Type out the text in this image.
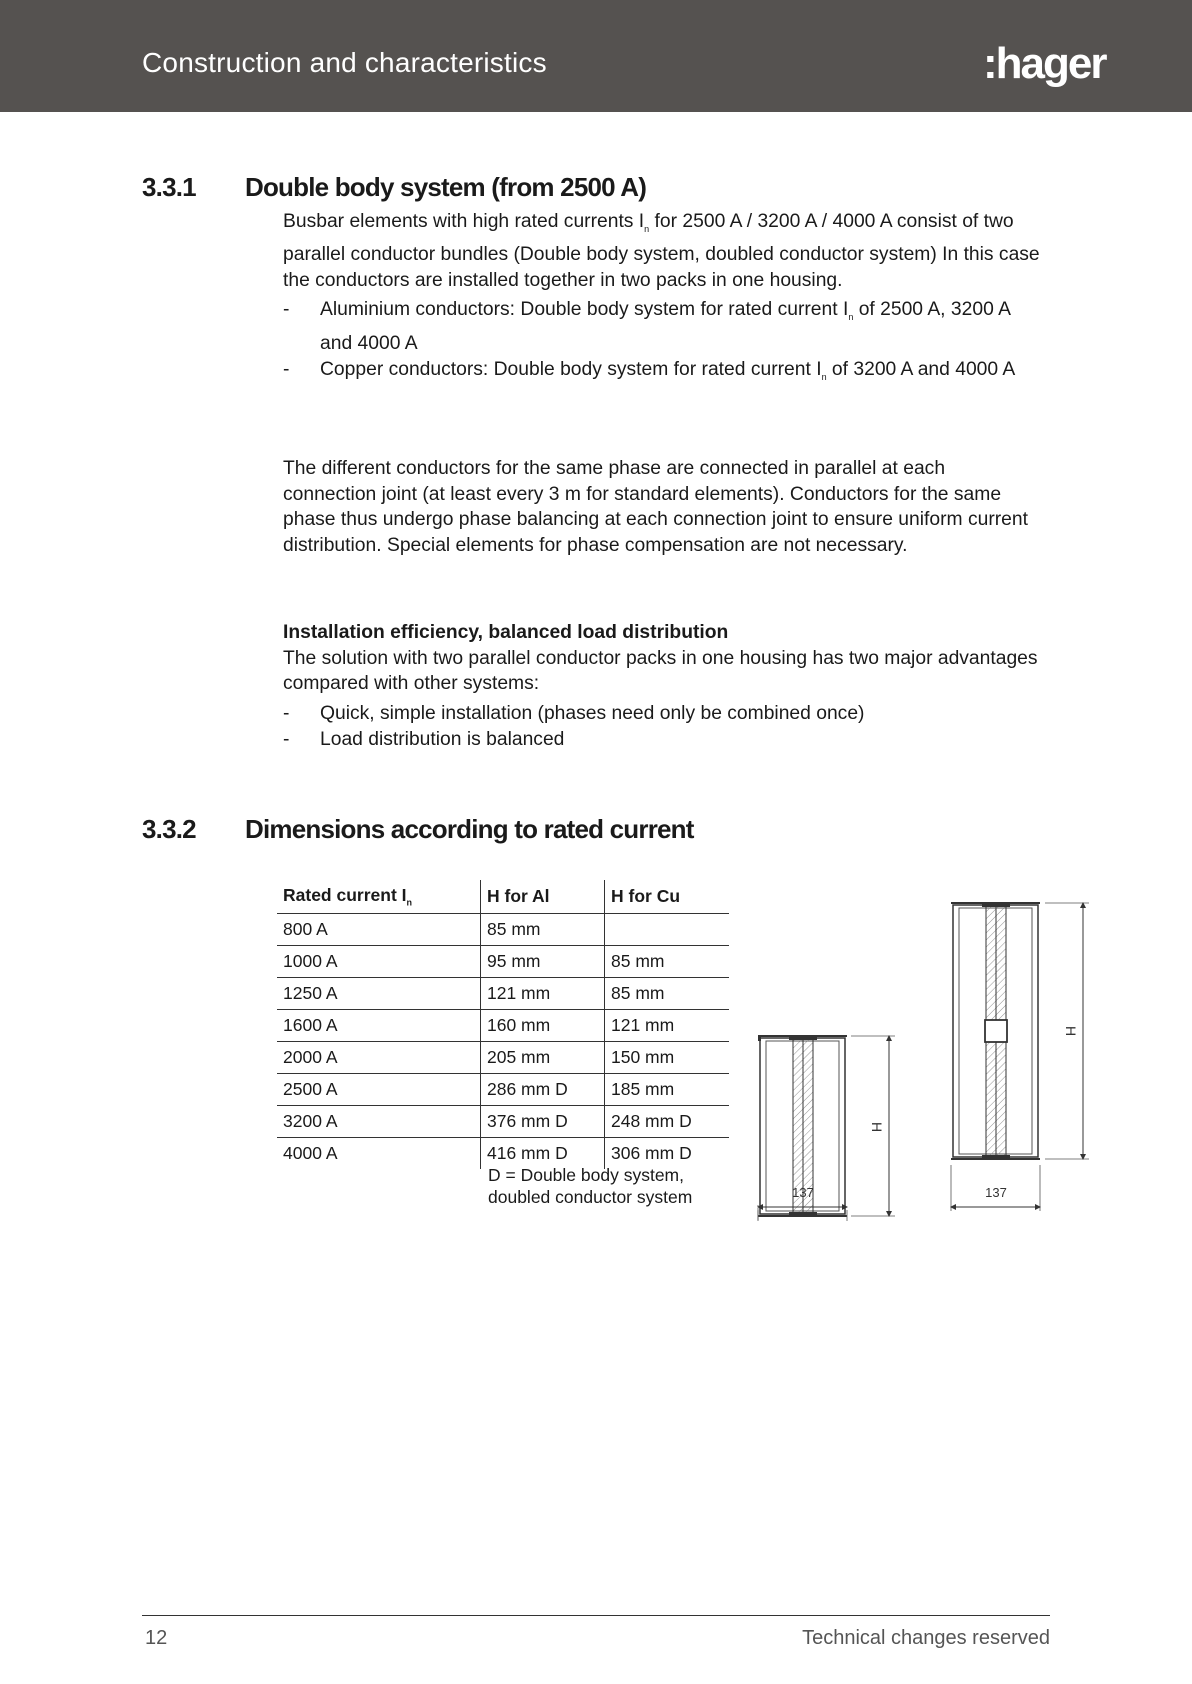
Construction and characteristics	:hager
3.3.1 Double body system (from 2500 A)

Busbar elements with high rated currents $I_n$ for 2500 A / 3200 A / 4000 A consist of two parallel conductor bundles (Double body system, doubled conductor system) In this case the conductors are installed together in two packs in one housing.

- Aluminium conductors: Double body system for rated current $I_n$ of 2500 A, 3200 A and 4000 A
- Copper conductors: Double body system for rated current $I_n$ of 3200 A and 4000 A

The different conductors for the same phase are connected in parallel at each connection joint (at least every 3 m for standard elements). Conductors for the same phase thus undergo phase balancing at each connection joint to ensure uniform current distribution. Special elements for phase compensation are not necessary.

Installation efficiency, balanced load distribution

The solution with two parallel conductor packs in one housing has two major advantages compared with other systems:

- Quick, simple installation (phases need only be combined once)
- Load distribution is balanced
3.3.2 Dimensions according to rated current
Rated current $I_n$	H for Al	H for Cu
800 A	85 mm	
1000 A	95 mm	85 mm
1250 A	121 mm	85 mm
1600 A	160 mm	121 mm
2000 A	205 mm	150 mm
2500 A	286 mm D	185 mm
3200 A	376 mm D	248 mm D
4000 A	416 mm D	306 mm D
D = Double body system,
doubled conductor system
H
137
H
137
12	Technical changes reserved
